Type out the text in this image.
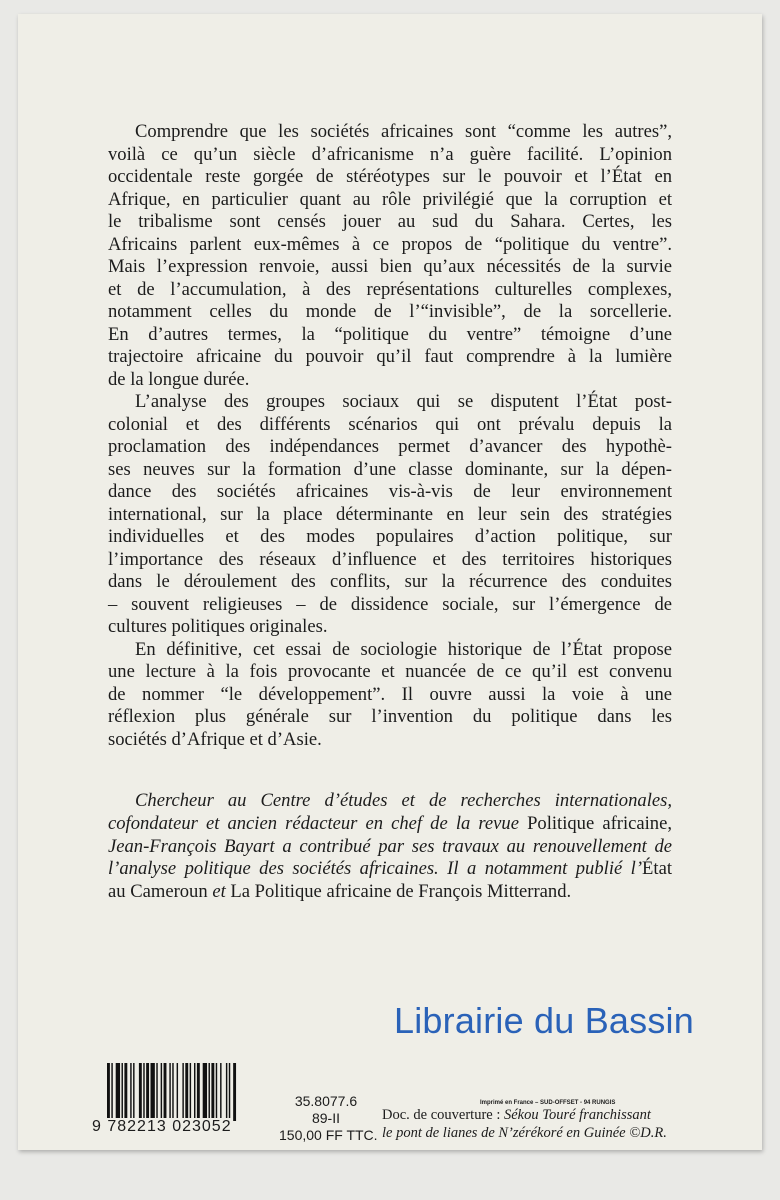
Comprendre que les sociétés africaines sont “comme les autres”,
voilà ce qu’un siècle d’africanisme n’a guère facilité. L’opinion
occidentale reste gorgée de stéréotypes sur le pouvoir et l’État en
Afrique, en particulier quant au rôle privilégié que la corruption et
le tribalisme sont censés jouer au sud du Sahara. Certes, les
Africains parlent eux-mêmes à ce propos de “politique du ventre”.
Mais l’expression renvoie, aussi bien qu’aux nécessités de la survie
et de l’accumulation, à des représentations culturelles complexes,
notamment celles du monde de l’“invisible”, de la sorcellerie.
En d’autres termes, la “politique du ventre” témoigne d’une
trajectoire africaine du pouvoir qu’il faut comprendre à la lumière
de la longue durée.
L’analyse des groupes sociaux qui se disputent l’État post-
colonial et des différents scénarios qui ont prévalu depuis la
proclamation des indépendances permet d’avancer des hypothè-
ses neuves sur la formation d’une classe dominante, sur la dépen-
dance des sociétés africaines vis-à-vis de leur environnement
international, sur la place déterminante en leur sein des stratégies
individuelles et des modes populaires d’action politique, sur
l’importance des réseaux d’influence et des territoires historiques
dans le déroulement des conflits, sur la récurrence des conduites
– souvent religieuses – de dissidence sociale, sur l’émergence de
cultures politiques originales.
En définitive, cet essai de sociologie historique de l’État propose
une lecture à la fois provocante et nuancée de ce qu’il est convenu
de nommer “le développement”. Il ouvre aussi la voie à une
réflexion plus générale sur l’invention du politique dans les
sociétés d’Afrique et d’Asie.
Chercheur au Centre d’études et de recherches internationales,
cofondateur et ancien rédacteur en chef de la revue Politique africaine,
Jean-François Bayart a contribué par ses travaux au renouvellement de
l’analyse politique des sociétés africaines. Il a notamment publié l’État
au Cameroun et La Politique africaine de François Mitterrand.
Librairie du Bassin
9 782213 023052
35.8077.6
89-II
150,00 FF TTC.
Imprimé en France – SUD-OFFSET - 94 RUNGIS
Doc. de couverture : Sékou Touré franchissant
le pont de lianes de N’zérékoré en Guinée ©D.R.
